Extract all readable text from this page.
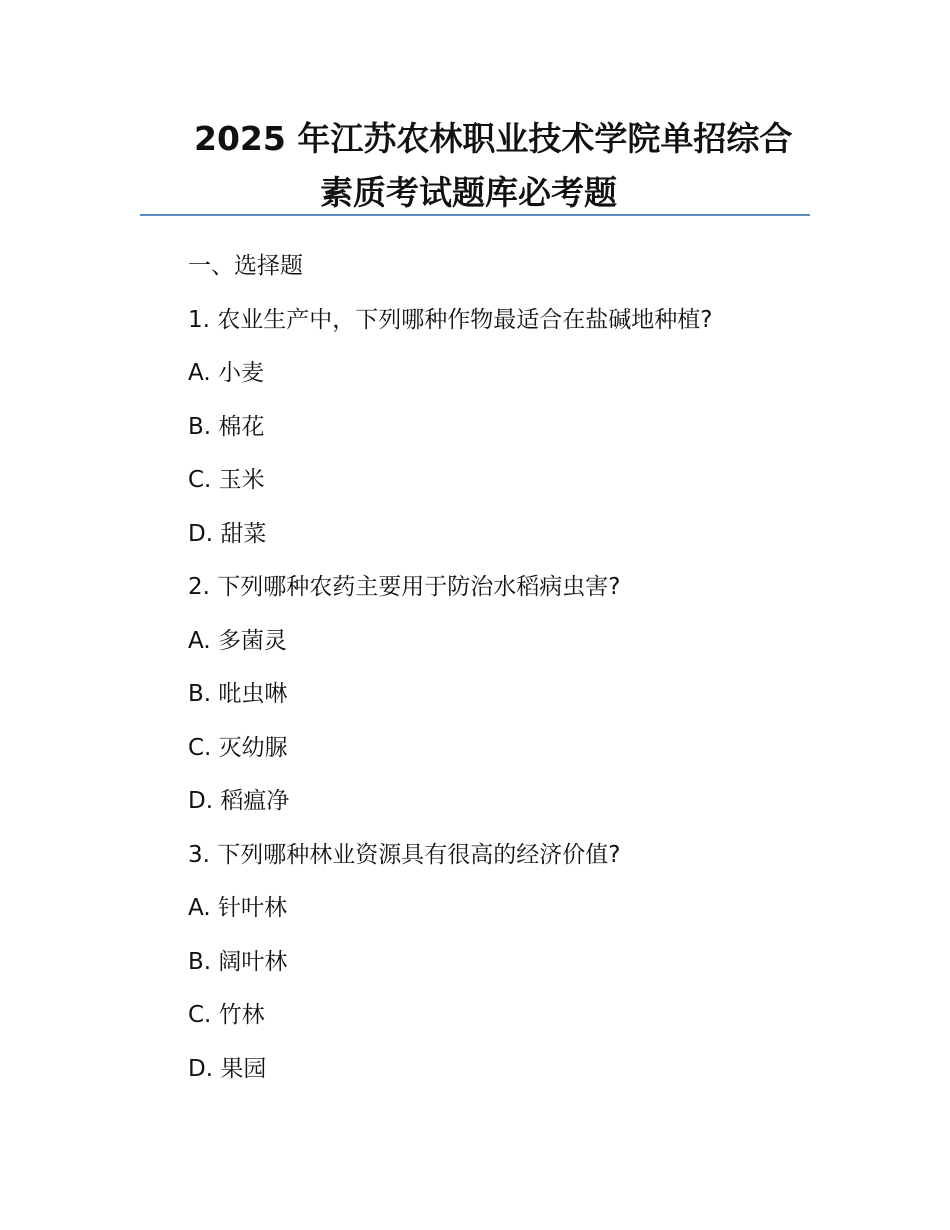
2025 年江苏农林职业技术学院单招综合
素质考试题库必考题
一、选择题
1. 农业生产中，下列哪种作物最适合在盐碱地种植?
A. 小麦
B. 棉花
C. 玉米
D. 甜菜
2. 下列哪种农药主要用于防治水稻病虫害?
A. 多菌灵
B. 吡虫啉
C. 灭幼脲
D. 稻瘟净
3. 下列哪种林业资源具有很高的经济价值?
A. 针叶林
B. 阔叶林
C. 竹林
D. 果园
